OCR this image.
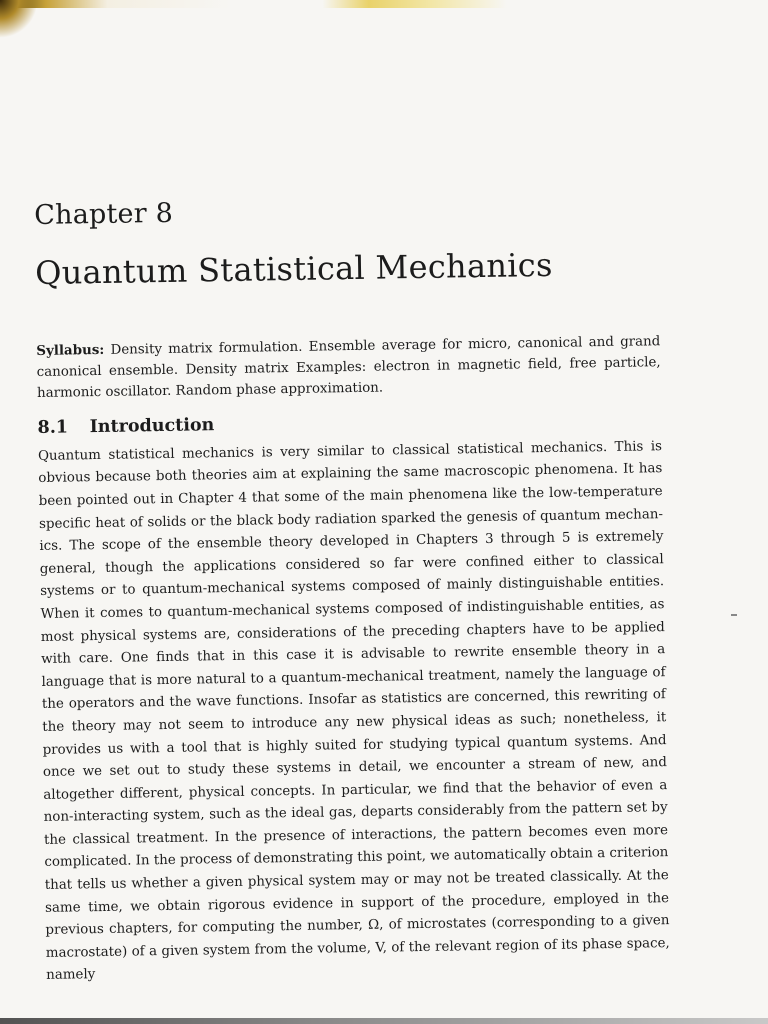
Chapter 8
Quantum Statistical Mechanics
Syllabus: Density matrix formulation. Ensemble average for micro, canonical and grand canonical ensemble. Density matrix Examples: electron in magnetic field, free particle, harmonic oscillator. Random phase approximation.
8.1 Introduction

Quantum statistical mechanics is very similar to classical statistical mechanics. This is obvious because both theories aim at explaining the same macroscopic phenomena. It has been pointed out in Chapter 4 that some of the main phenomena like the low-temperature specific heat of solids or the black body radiation sparked the genesis of quantum mechanics. The scope of the ensemble theory developed in Chapters 3 through 5 is extremely general, though the applications considered so far were confined either to classical systems or to quantum-mechanical systems composed of mainly distinguishable entities. When it comes to quantum-mechanical systems composed of indistinguishable entities, as most physical systems are, considerations of the preceding chapters have to be applied with care. One finds that in this case it is advisable to rewrite ensemble theory in a language that is more natural to a quantum-mechanical treatment, namely the language of the operators and the wave functions. Insofar as statistics are concerned, this rewriting of the theory may not seem to introduce any new physical ideas as such; nonetheless, it provides us with a tool that is highly suited for studying typical quantum systems. And once we set out to study these systems in detail, we encounter a stream of new, and altogether different, physical concepts. In particular, we find that the behavior of even a non-interacting system, such as the ideal gas, departs considerably from the pattern set by the classical treatment. In the presence of interactions, the pattern becomes even more complicated. In the process of demonstrating this point, we automatically obtain a criterion that tells us whether a given physical system may or may not be treated classically. At the same time, we obtain rigorous evidence in support of the procedure, employed in the previous chapters, for computing the number, Ω, of microstates (corresponding to a given macrostate) of a given system from the volume, V, of the relevant region of its phase space, namely
